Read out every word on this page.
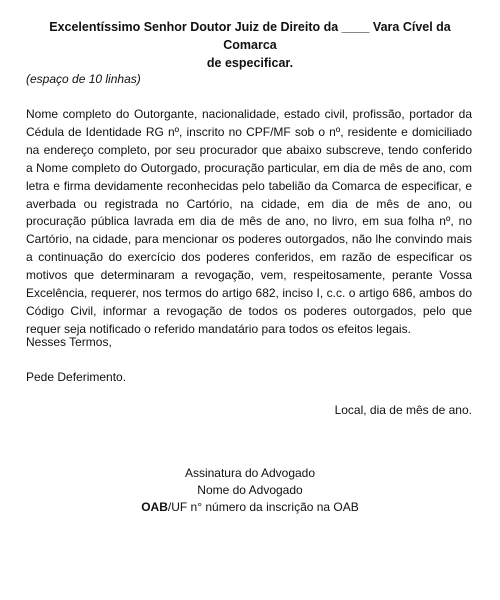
Excelentíssimo Senhor Doutor Juiz de Direito da ____ Vara Cível da Comarca
de especificar.
(espaço de 10 linhas)

Nome completo do Outorgante, nacionalidade, estado civil, profissão, portador da Cédula de Identidade RG nº, inscrito no CPF/MF sob o nº, residente e domiciliado na endereço completo, por seu procurador que abaixo subscreve, tendo conferido a Nome completo do Outorgado, procuração particular, em dia de mês de ano, com letra e firma devidamente reconhecidas pelo tabelião da Comarca de especificar, e averbada ou registrada no Cartório, na cidade, em dia de mês de ano, ou procuração pública lavrada em dia de mês de ano, no livro, em sua folha nº, no Cartório, na cidade, para mencionar os poderes outorgados, não lhe convindo mais a continuação do exercício dos poderes conferidos, em razão de especificar os motivos que determinaram a revogação, vem, respeitosamente, perante Vossa Excelência, requerer, nos termos do artigo 682, inciso I, c.c. o artigo 686, ambos do Código Civil, informar a revogação de todos os poderes outorgados, pelo que requer seja notificado o referido mandatário para todos os efeitos legais.

Nesses Termos,
Pede Deferimento.
Local, dia de mês de ano.
Assinatura do Advogado
Nome do Advogado
OAB/UF n° número da inscrição na OAB
